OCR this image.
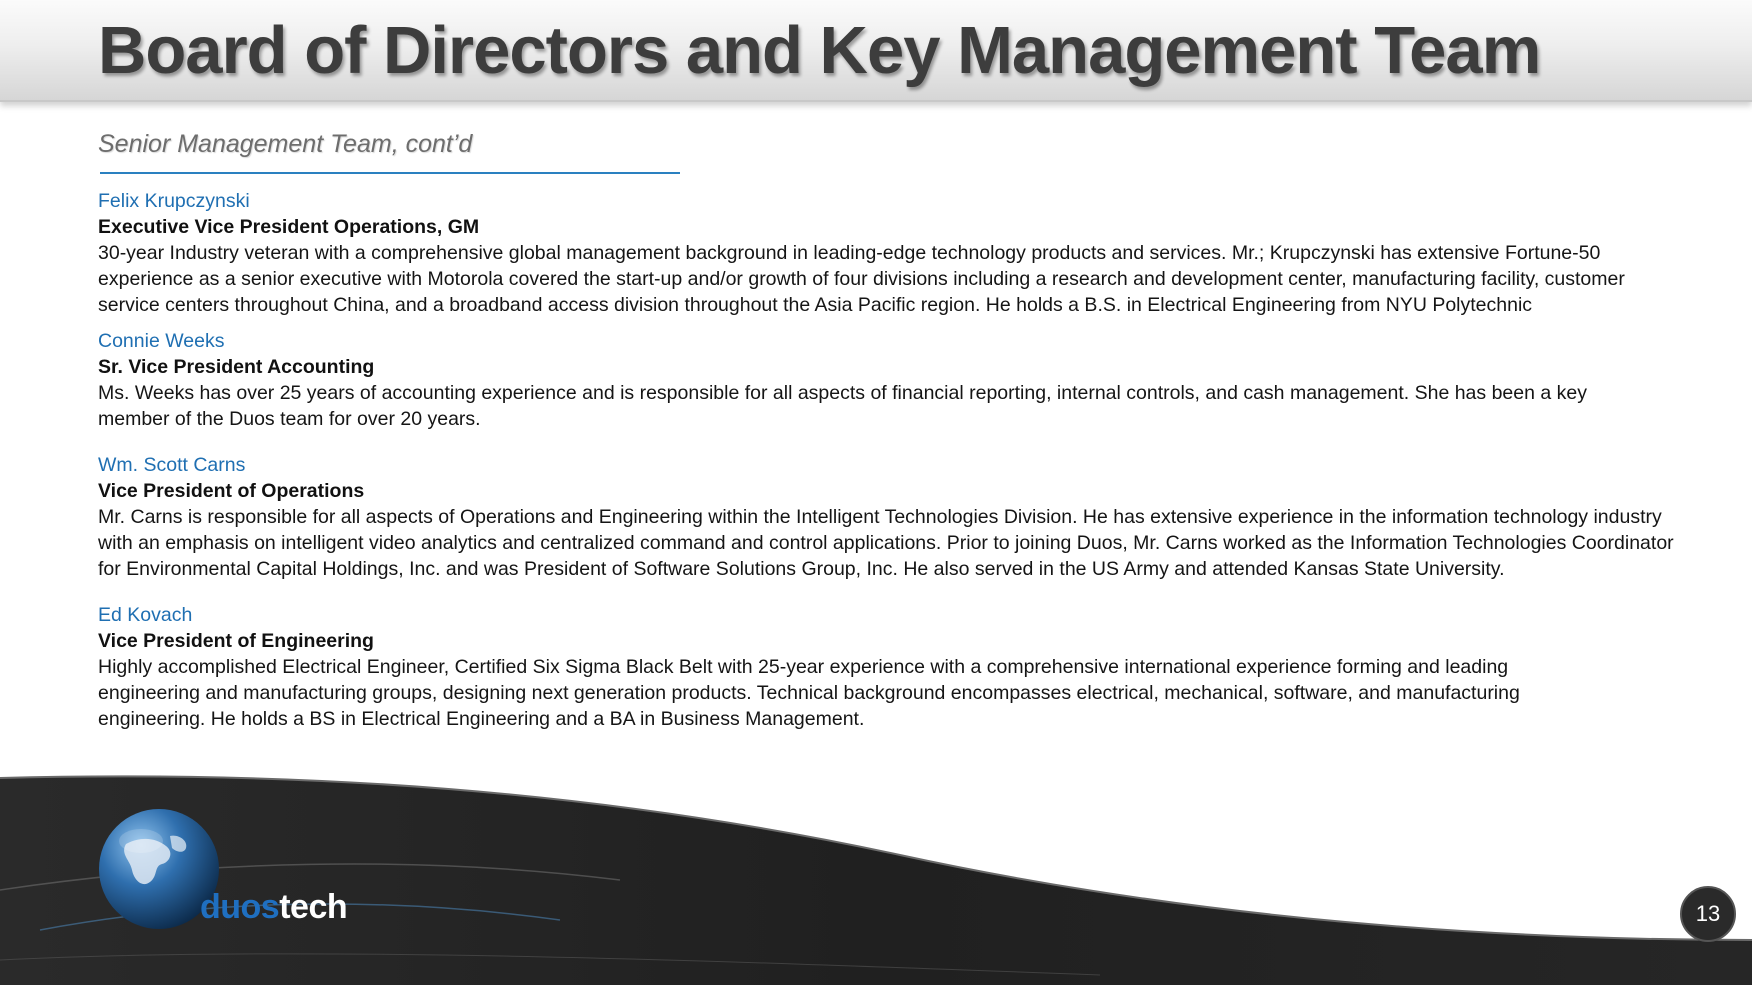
Board of Directors and Key Management Team
Senior Management Team, cont’d
Felix Krupczynski
Executive Vice President Operations, GM

30-year Industry veteran with a comprehensive global management background in leading-edge technology products and services. Mr.; Krupczynski has extensive Fortune-50 experience as a senior executive with Motorola covered the start-up and/or growth of four divisions including a research and development center, manufacturing facility, customer service centers throughout China, and a broadband access division throughout the Asia Pacific region. He holds a B.S. in Electrical Engineering from NYU Polytechnic

Connie Weeks
Sr. Vice President Accounting

Ms. Weeks has over 25 years of accounting experience and is responsible for all aspects of financial reporting, internal controls, and cash management. She has been a key member of the Duos team for over 20 years.

Wm. Scott Carns
Vice President of Operations

Mr. Carns is responsible for all aspects of Operations and Engineering within the Intelligent Technologies Division. He has extensive experience in the information technology industry with an emphasis on intelligent video analytics and centralized command and control applications. Prior to joining Duos, Mr. Carns worked as the Information Technologies Coordinator for Environmental Capital Holdings, Inc. and was President of Software Solutions Group, Inc. He also served in the US Army and attended Kansas State University.

Ed Kovach
Vice President of Engineering

Highly accomplished Electrical Engineer, Certified Six Sigma Black Belt with 25-year experience with a comprehensive international experience forming and leading engineering and manufacturing groups, designing next generation products. Technical background encompasses electrical, mechanical, software, and manufacturing engineering. He holds a BS in Electrical Engineering and a BA in Business Management.

duostech	13
